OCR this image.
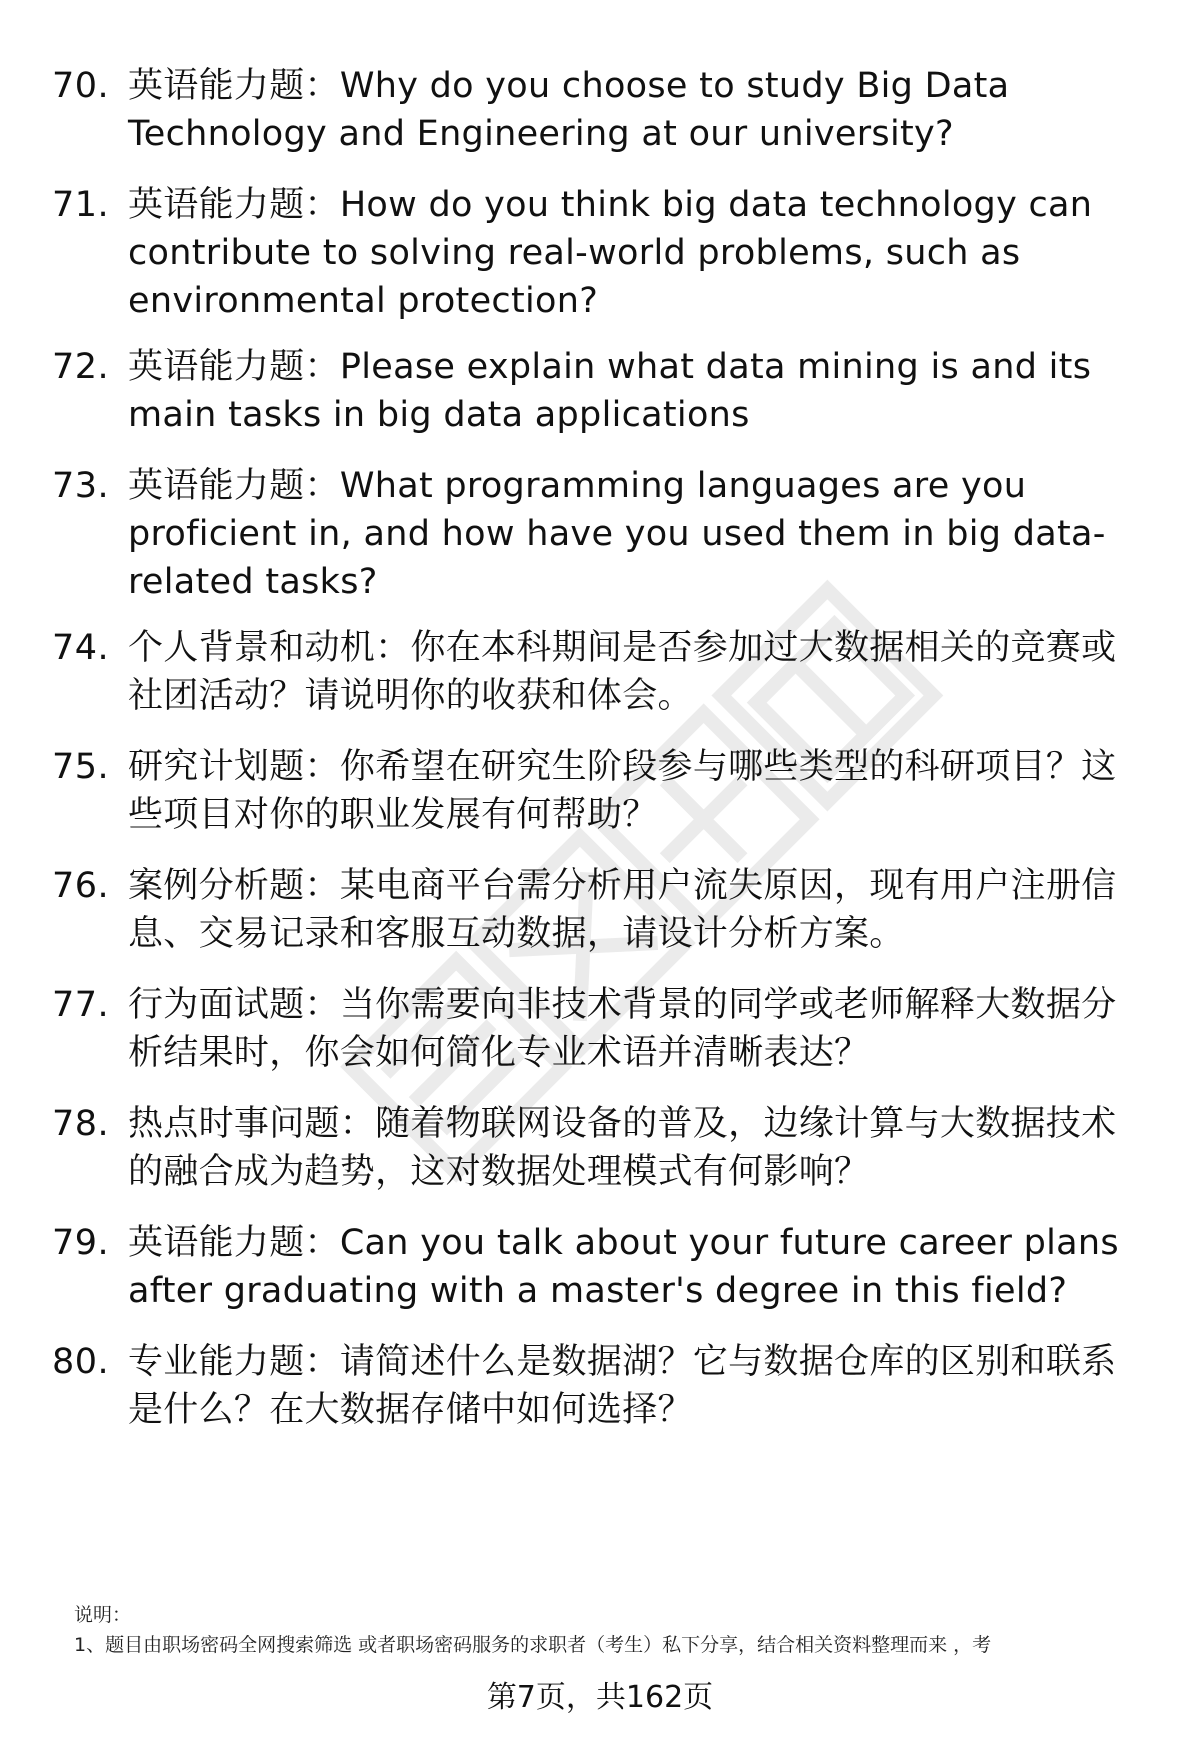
70. 英语能力题：Why do you choose to study Big Data
Technology and Engineering at our university?
71. 英语能力题：How do you think big data technology can
contribute to solving real-world problems, such as
environmental protection?
72. 英语能力题：Please explain what data mining is and its
main tasks in big data applications
73. 英语能力题：What programming languages are you
proficient in, and how have you used them in big data-
related tasks?
74. 个人背景和动机：你在本科期间是否参加过大数据相关的竞赛或
社团活动？请说明你的收获和体会。
75. 研究计划题：你希望在研究生阶段参与哪些类型的科研项目？这
些项目对你的职业发展有何帮助？
76. 案例分析题：某电商平台需分析用户流失原因，现有用户注册信
息、交易记录和客服互动数据，请设计分析方案。
77. 行为面试题：当你需要向非技术背景的同学或老师解释大数据分
析结果时，你会如何简化专业术语并清晰表达？
78. 热点时事问题：随着物联网设备的普及，边缘计算与大数据技术
的融合成为趋势，这对数据处理模式有何影响？
79. 英语能力题：Can you talk about your future career plans
after graduating with a master's degree in this field?
80. 专业能力题：请简述什么是数据湖？它与数据仓库的区别和联系
是什么？在大数据存储中如何选择？
说明：
1、题目由职场密码全网搜索筛选 或者职场密码服务的求职者（考生）私下分享，结合相关资料整理而来 ，考
第7页，共162页
